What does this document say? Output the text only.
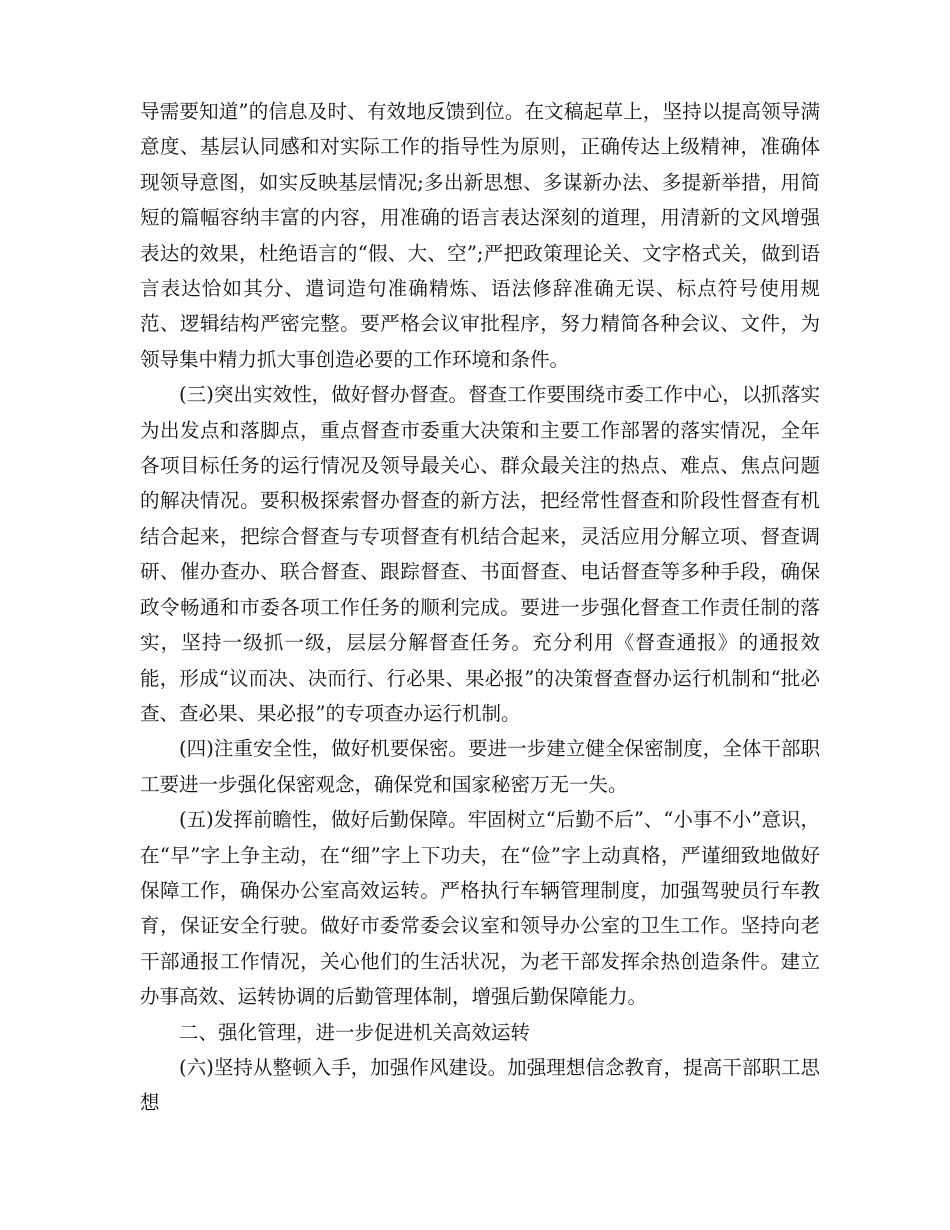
导需要知道”的信息及时、有效地反馈到位。在文稿起草上，坚持以提高领导满意度、基层认同感和对实际工作的指导性为原则，正确传达上级精神，准确体现领导意图，如实反映基层情况;多出新思想、多谋新办法、多提新举措，用简短的篇幅容纳丰富的内容，用准确的语言表达深刻的道理，用清新的文风增强表达的效果，杜绝语言的“假、大、空”;严把政策理论关、文字格式关，做到语言表达恰如其分、遣词造句准确精炼、语法修辞准确无误、标点符号使用规范、逻辑结构严密完整。要严格会议审批程序，努力精简各种会议、文件，为领导集中精力抓大事创造必要的工作环境和条件。

(三)突出实效性，做好督办督查。督查工作要围绕市委工作中心，以抓落实为出发点和落脚点，重点督查市委重大决策和主要工作部署的落实情况，全年各项目标任务的运行情况及领导最关心、群众最关注的热点、难点、焦点问题的解决情况。要积极探索督办督查的新方法，把经常性督查和阶段性督查有机结合起来，把综合督查与专项督查有机结合起来，灵活应用分解立项、督查调研、催办查办、联合督查、跟踪督查、书面督查、电话督查等多种手段，确保政令畅通和市委各项工作任务的顺利完成。要进一步强化督查工作责任制的落实，坚持一级抓一级，层层分解督查任务。充分利用《督查通报》的通报效能，形成“议而决、决而行、行必果、果必报”的决策督查督办运行机制和“批必查、查必果、果必报”的专项查办运行机制。

(四)注重安全性，做好机要保密。要进一步建立健全保密制度，全体干部职工要进一步强化保密观念，确保党和国家秘密万无一失。

(五)发挥前瞻性，做好后勤保障。牢固树立“后勤不后”、“小事不小”意识，在“早”字上争主动，在“细”字上下功夫，在“俭”字上动真格，严谨细致地做好保障工作，确保办公室高效运转。严格执行车辆管理制度，加强驾驶员行车教育，保证安全行驶。做好市委常委会议室和领导办公室的卫生工作。坚持向老干部通报工作情况，关心他们的生活状况，为老干部发挥余热创造条件。建立办事高效、运转协调的后勤管理体制，增强后勤保障能力。

二、强化管理，进一步促进机关高效运转

(六)坚持从整顿入手，加强作风建设。加强理想信念教育，提高干部职工思想
